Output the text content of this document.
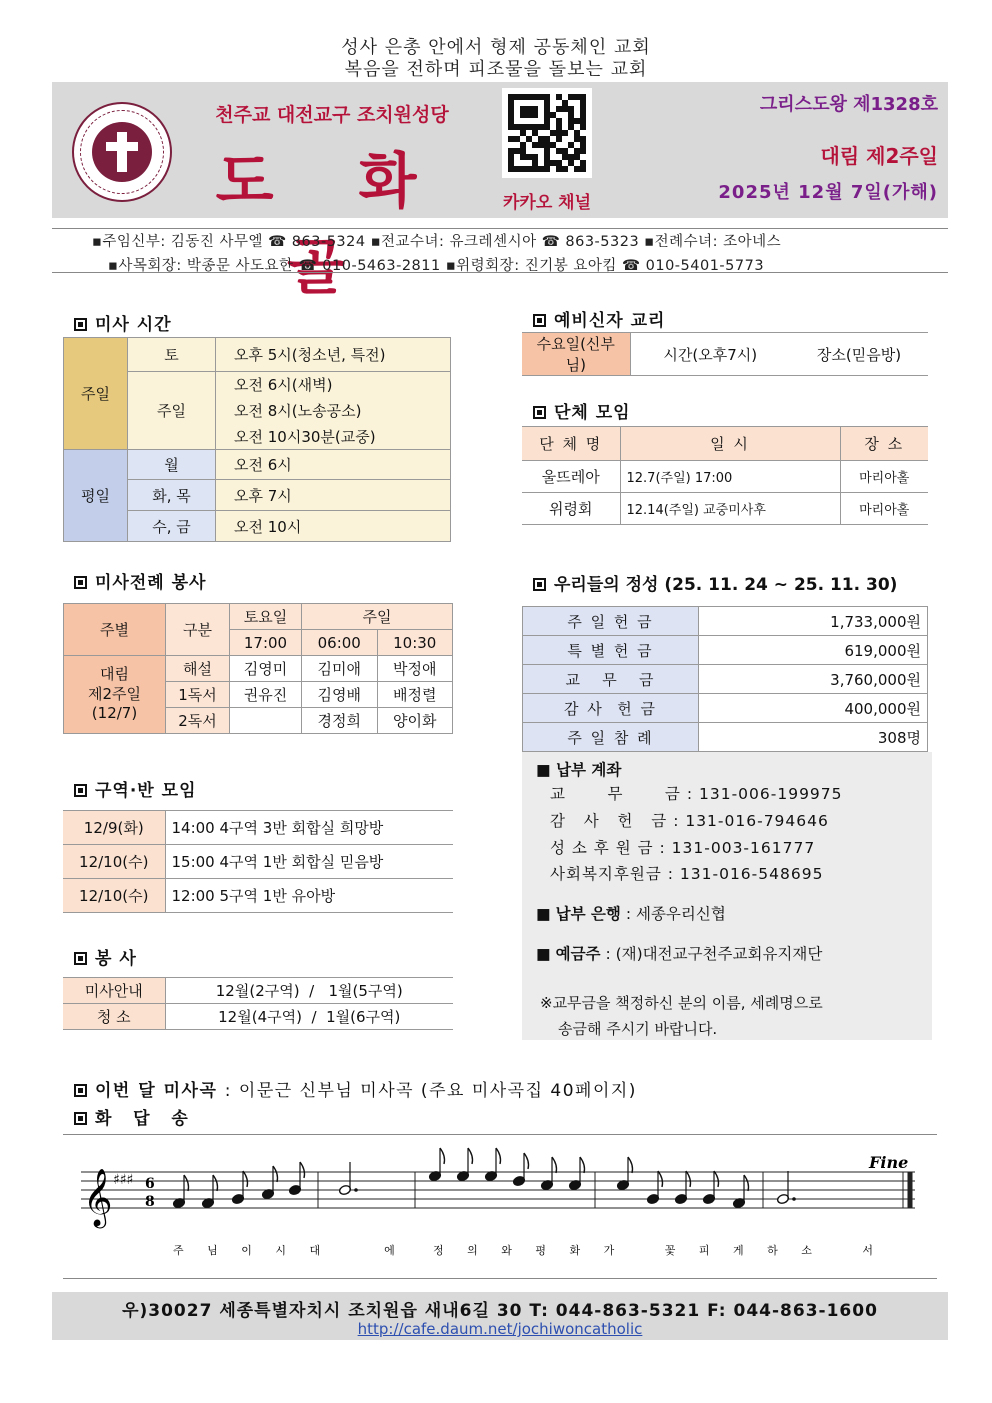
성사 은총 안에서 형제 공동체인 교회
복음을 전하며 피조물을 돌보는 교회
천주교 대전교구 조치원성당
도 화 골
카카오 채널
그리스도왕 제1328호
대림 제2주일
2025년 12월 7일(가해)
▪주임신부: 김동진 사무엘 ☎ 863-5324 ▪전교수녀: 유크레센시아 ☎ 863-5323 ▪전례수녀: 조아네스
▪사목회장: 박종문 사도요한 ☎ 010-5463-2811 ▪위령회장: 진기봉 요아킴 ☎ 010-5401-5773
미사 시간
주일	토	오후 5시(청소년, 특전)
	주일	오전 6시(새벽)
		오전 8시(노송공소)
		오전 10시30분(교중)
평일	월	오전 6시
	화, 목	오후 7시
	수, 금	오전 10시
예비신자 교리
수요일(신부님)	시간(오후7시)	장소(믿음방)
단체 모임
단 체 명	일 시	장 소
울뜨레아	12.7(주일) 17:00	마리아홀
위령회	12.14(주일) 교중미사후	마리아홀
미사전례 봉사
주별	구분	토요일	주일	
		17:00	06:00	10:30
대림
제2주일
(12/7)	해설	김영미	김미애	박정애
	1독서	권유진	김영배	배정렬
	2독서		경정희	양이화
우리들의 정성 (25. 11. 24 ~ 25. 11. 30)
주 일 헌 금	1,733,000원
특 별 헌 금	619,000원
교   무   금	3,760,000원
감 사  헌 금	400,000원
주 일 참 례	308명
■ 납부 계좌
교       무       금 : 131-006-199975
감   사   헌   금 : 131-016-794646
성 소 후 원 금 : 131-003-161777
사회복지후원금 : 131-016-548695
■ 납부 은행 : 세종우리신협
■ 예금주 : (재)대전교구천주교회유지재단
※교무금을 책정하신 분의 이름, 세례명으로
송금해 주시기 바랍니다.
구역·반 모임
12/9(화)	14:00 4구역 3반 회합실 희망방
12/10(수)	15:00 4구역 1반 회합실 믿음방
12/10(수)	12:00 5구역 1반 유아방
봉 사
미사안내	12월(2구역)  /   1월(5구역)
청 소	12월(4구역)  /  1월(6구역)
이번 달 미사곡 : 이문근 신부님 미사곡 (주요 미사곡집 40페이지)
화   답   송
𝄞 ♯♯♯ 6
8
Fine
주 님 이 시 대    에	정 의 와 평 화 가   꽃 피 게 하 소   서
우)30027 세종특별자치시 조치원읍 새내6길 30 T: 044-863-5321 F: 044-863-1600
http://cafe.daum.net/jochiwoncatholic
